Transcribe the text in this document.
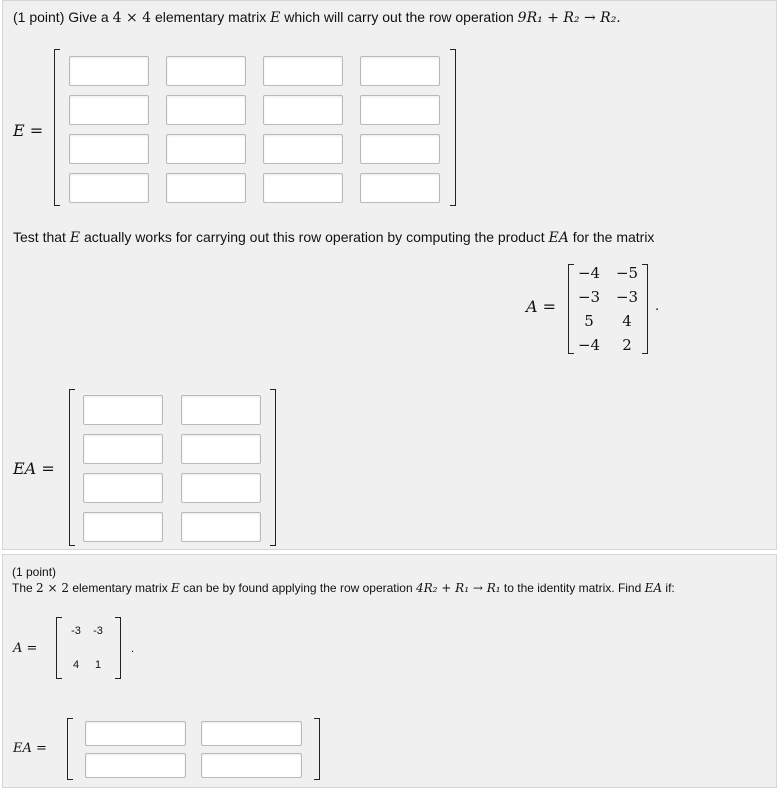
(1 point) Give a 4 × 4 elementary matrix E which will carry out the row operation 9R₁ + R₂ → R₂.
E =
Test that E actually works for carrying out this row operation by computing the product EA for the matrix
A =
−4 −5
−3 −3
5	4
−4	2
.
EA =
(1 point)
The 2 × 2 elementary matrix E can be by found applying the row operation 4R₂ + R₁ → R₁ to the identity matrix. Find EA if:
A =
-3	-3
4	1
.
EA =
